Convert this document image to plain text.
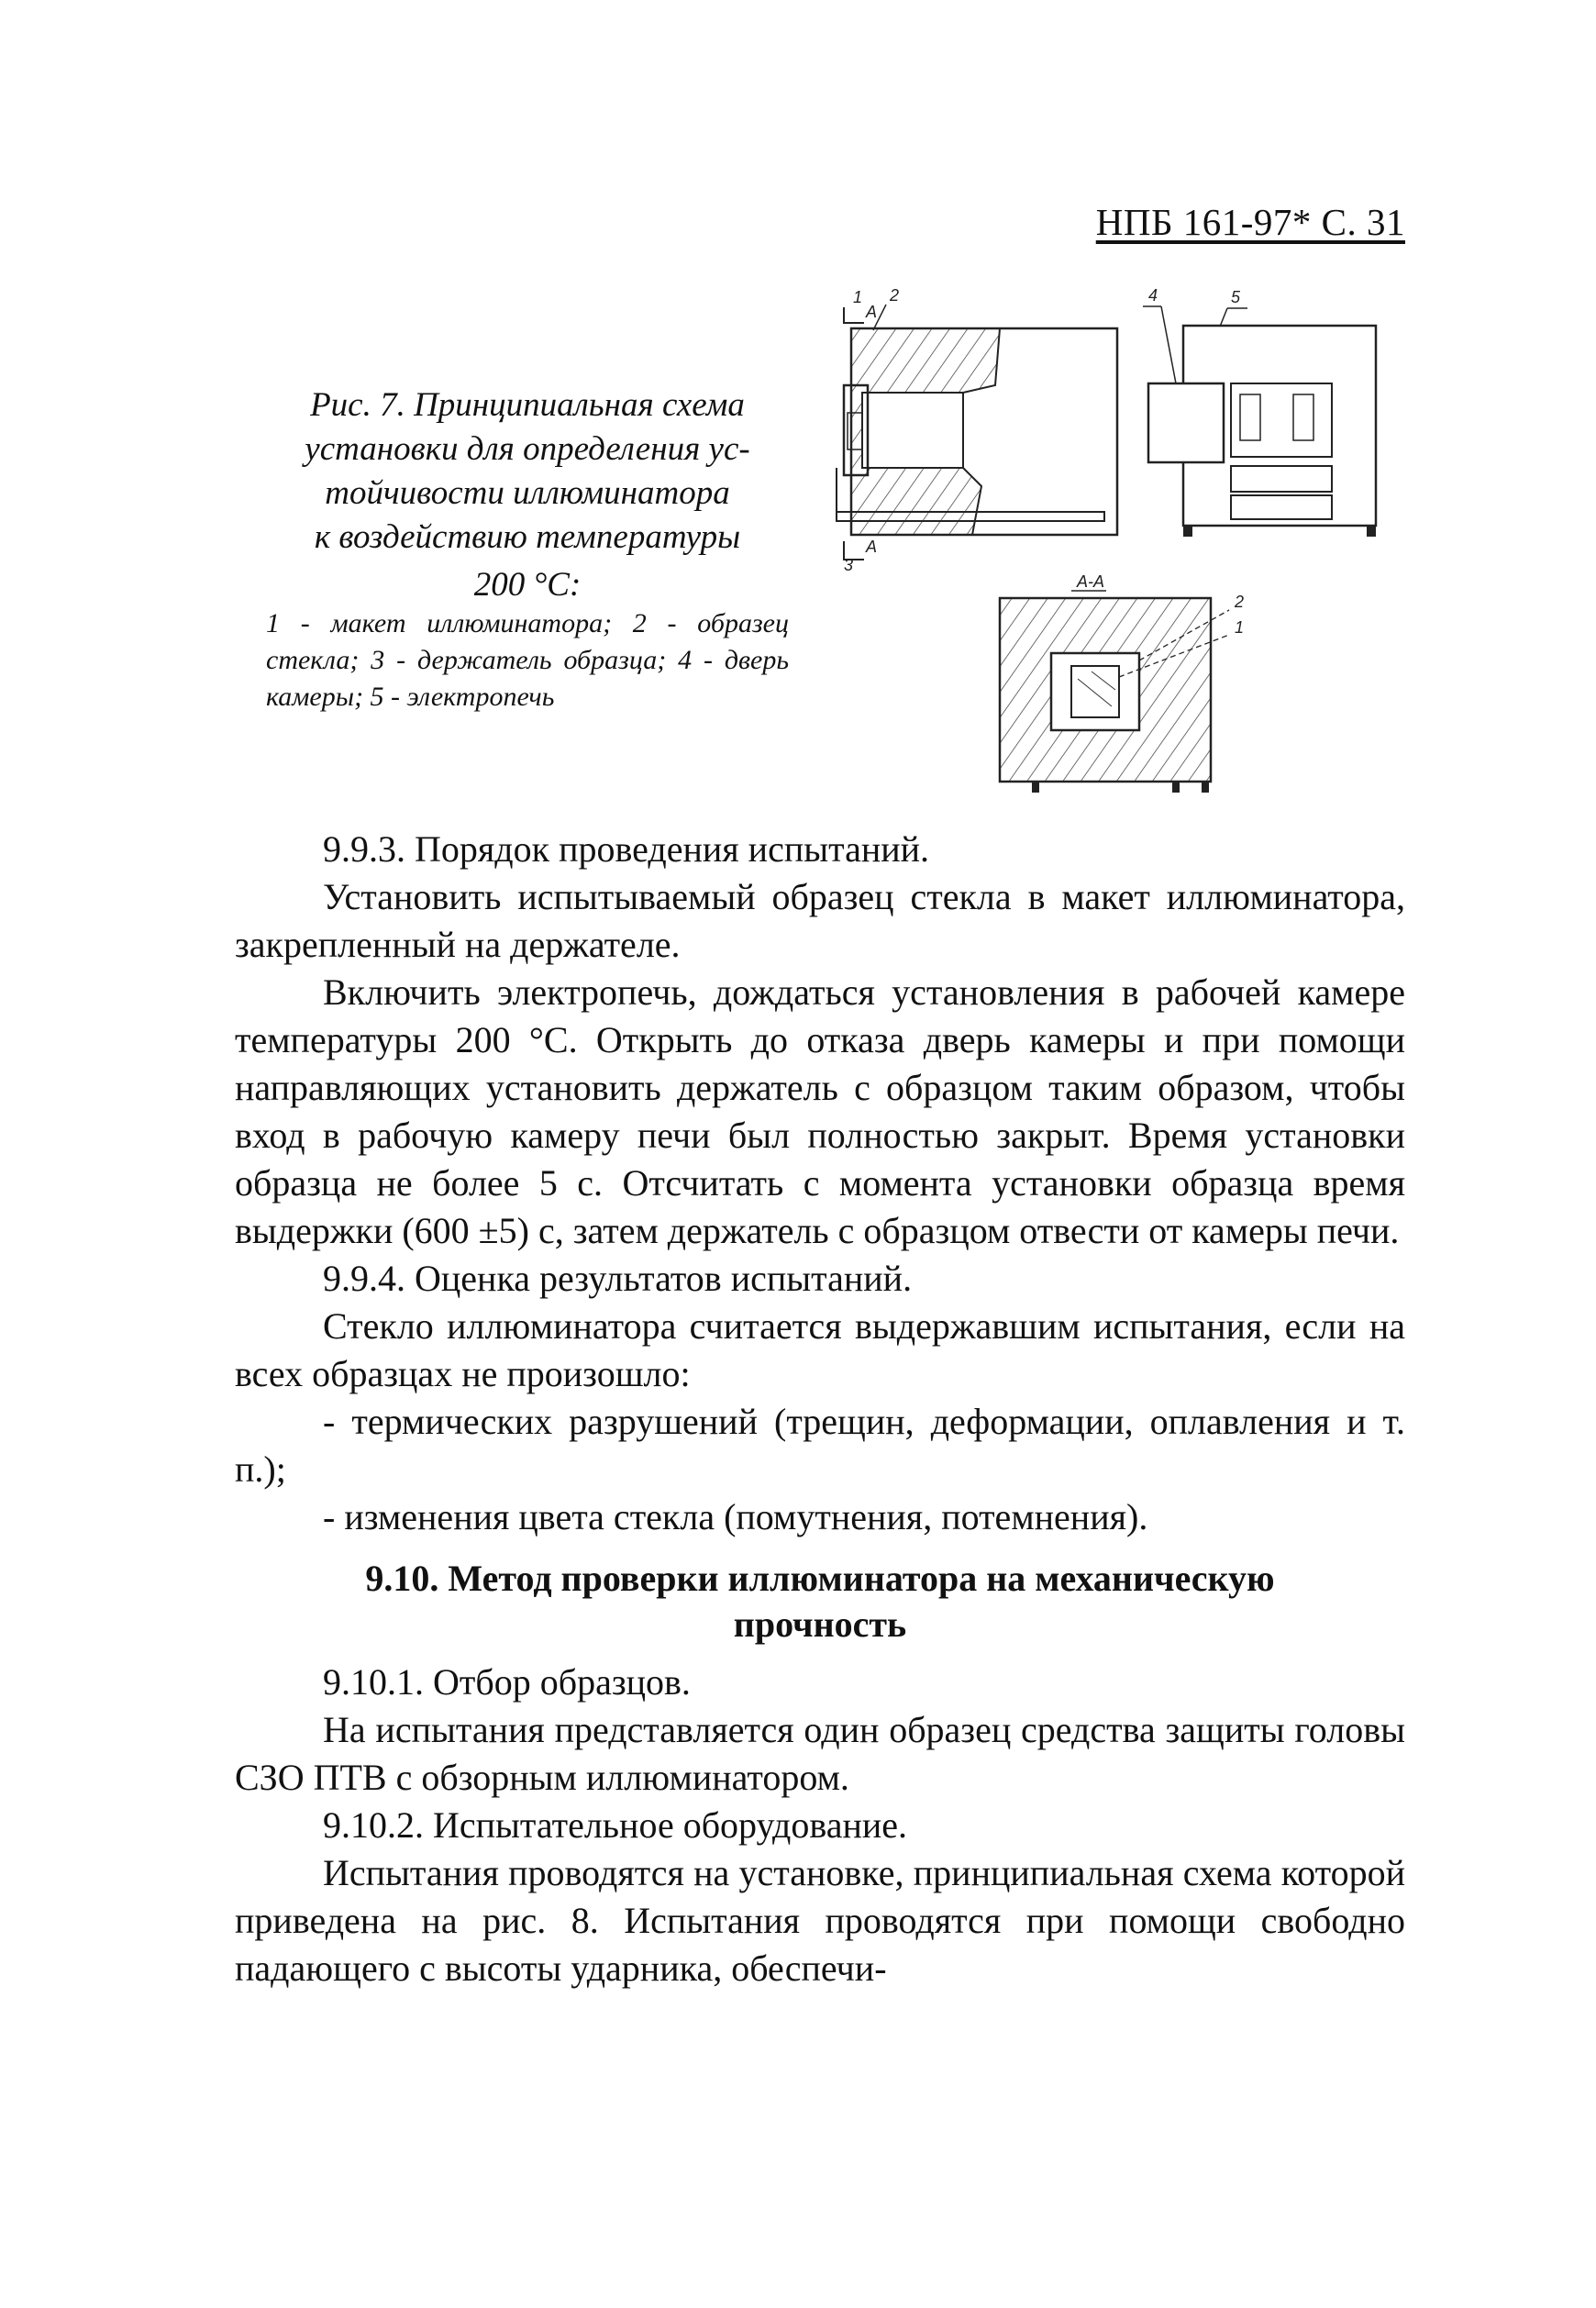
НПБ 161-97* С. 31
Рис. 7. Принципиальная схема
установки для определения ус-
тойчивости иллюминатора
к воздействию температуры
200 °С:
1 - макет иллюминатора; 2 - образец стекла; 3 - держатель образца; 4 - дверь камеры; 5 - электропечь
1
А
2
А
3
4	5
А-А
2
1

9.9.3. Порядок проведения испытаний.

Установить испытываемый образец стекла в макет иллюминатора, закрепленный на держателе.

Включить электропечь, дождаться установления в рабочей камере температуры 200 °С. Открыть до отказа дверь камеры и при помощи направляющих установить держатель с образцом таким образом, чтобы вход в рабочую камеру печи был полностью закрыт. Время установки образца не более 5 с. Отсчитать с момента установки образца время выдержки (600 ±5) с, затем держатель с образцом отвести от камеры печи.

9.9.4. Оценка результатов испытаний.

Стекло иллюминатора считается выдержавшим испытания, если на всех образцах не произошло:

- термических разрушений (трещин, деформации, оплавления и т. п.);

- изменения цвета стекла (помутнения, потемнения).

9.10. Метод проверки иллюминатора на механическую
прочность

9.10.1. Отбор образцов.

На испытания представляется один образец средства защиты головы СЗО ПТВ с обзорным иллюминатором.

9.10.2. Испытательное оборудование.

Испытания проводятся на установке, принципиальная схема которой приведена на рис. 8. Испытания проводятся при помощи свободно падающего с высоты ударника, обеспечи-
